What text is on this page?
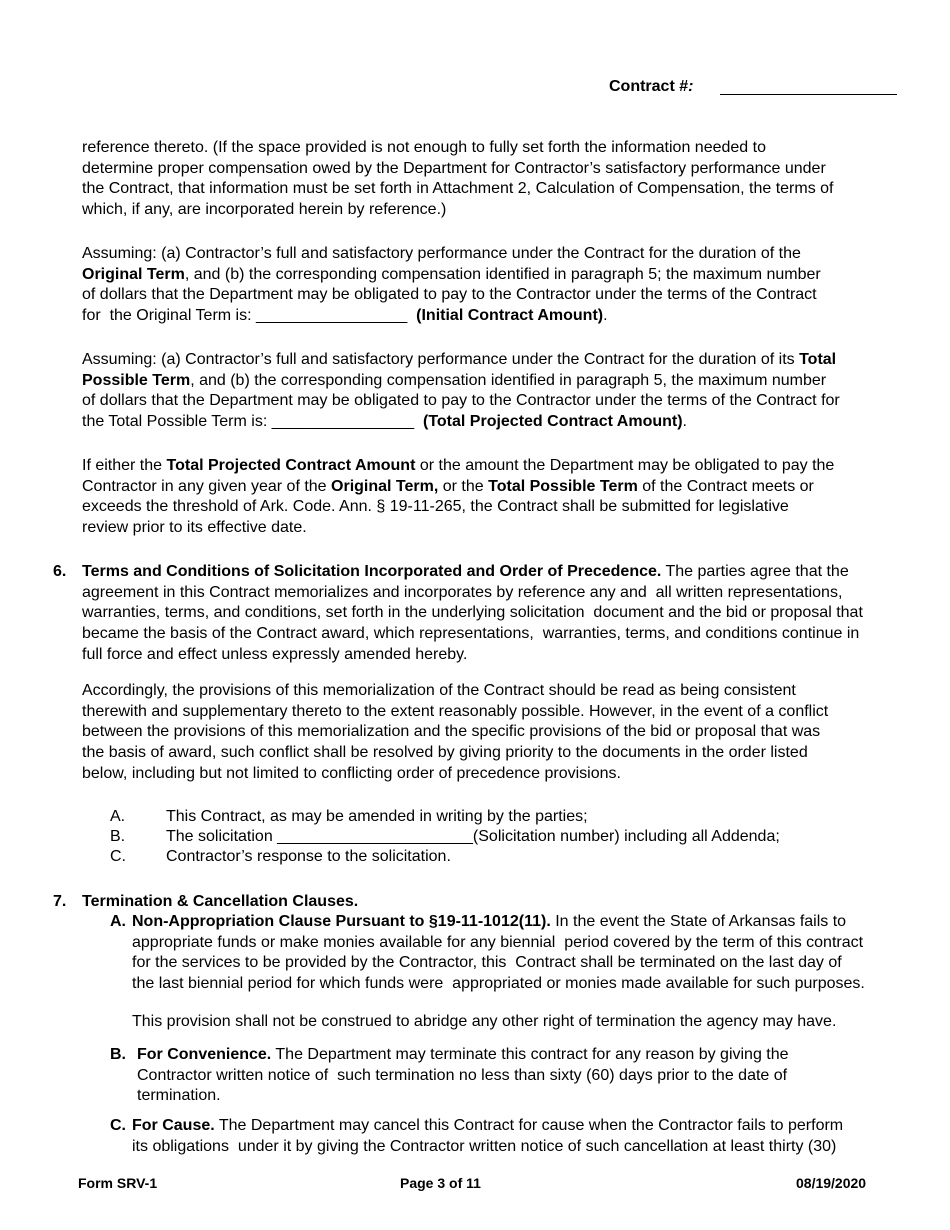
Contract #:
reference thereto. (If the space provided is not enough to fully set forth the information needed to
determine proper compensation owed by the Department for Contractor’s satisfactory performance under
the Contract, that information must be set forth in Attachment 2, Calculation of Compensation, the terms of
which, if any, are incorporated herein by reference.)
Assuming: (a) Contractor’s full and satisfactory performance under the Contract for the duration of the
Original Term, and (b) the corresponding compensation identified in paragraph 5; the maximum number
of dollars that the Department may be obligated to pay to the Contractor under the terms of the Contract
for  the Original Term is: _________________  (Initial Contract Amount).
Assuming: (a) Contractor’s full and satisfactory performance under the Contract for the duration of its Total
Possible Term, and (b) the corresponding compensation identified in paragraph 5, the maximum number
of dollars that the Department may be obligated to pay to the Contractor under the terms of the Contract for
the Total Possible Term is: ________________  (Total Projected Contract Amount).
If either the Total Projected Contract Amount or the amount the Department may be obligated to pay the
Contractor in any given year of the Original Term, or the Total Possible Term of the Contract meets or
exceeds the threshold of Ark. Code. Ann. § 19-11-265, the Contract shall be submitted for legislative
review prior to its effective date.
6. Terms and Conditions of Solicitation Incorporated and Order of Precedence. The parties agree that the
agreement in this Contract memorializes and incorporates by reference any and  all written representations,
warranties, terms, and conditions, set forth in the underlying solicitation  document and the bid or proposal that
became the basis of the Contract award, which representations,  warranties, terms, and conditions continue in
full force and effect unless expressly amended hereby.
Accordingly, the provisions of this memorialization of the Contract should be read as being consistent
therewith and supplementary thereto to the extent reasonably possible. However, in the event of a conflict
between the provisions of this memorialization and the specific provisions of the bid or proposal that was
the basis of award, such conflict shall be resolved by giving priority to the documents in the order listed
below, including but not limited to conflicting order of precedence provisions.
A.	This Contract, as may be amended in writing by the parties;
B.	The solicitation ______________________(Solicitation number) including all Addenda;
C.	Contractor’s response to the solicitation.
7. Termination & Cancellation Clauses.
A. Non-Appropriation Clause Pursuant to §19-11-1012(11). In the event the State of Arkansas fails to
appropriate funds or make monies available for any biennial  period covered by the term of this contract
for the services to be provided by the Contractor, this  Contract shall be terminated on the last day of
the last biennial period for which funds were  appropriated or monies made available for such purposes.
This provision shall not be construed to abridge any other right of termination the agency may have.
B. For Convenience. The Department may terminate this contract for any reason by giving the
Contractor written notice of  such termination no less than sixty (60) days prior to the date of
termination.
C. For Cause. The Department may cancel this Contract for cause when the Contractor fails to perform
its obligations  under it by giving the Contractor written notice of such cancellation at least thirty (30)
Form SRV-1	Page 3 of 11	08/19/2020
